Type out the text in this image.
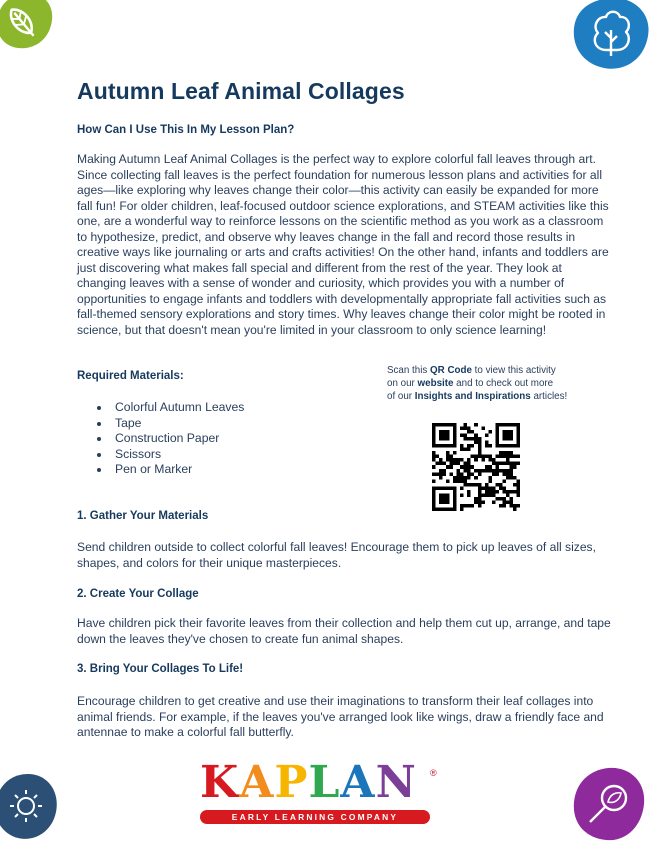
Autumn Leaf Animal Collages
How Can I Use This In My Lesson Plan?

Making Autumn Leaf Animal Collages is the perfect way to explore colorful fall leaves through art. Since collecting fall leaves is the perfect foundation for numerous lesson plans and activities for all ages—like exploring why leaves change their color—this activity can easily be expanded for more fall fun! For older children, leaf-focused outdoor science explorations, and STEAM activities like this one, are a wonderful way to reinforce lessons on the scientific method as you work as a classroom to hypothesize, predict, and observe why leaves change in the fall and record those results in creative ways like journaling or arts and crafts activities! On the other hand, infants and toddlers are just discovering what makes fall special and different from the rest of the year. They look at changing leaves with a sense of wonder and curiosity, which provides you with a number of opportunities to engage infants and toddlers with developmentally appropriate fall activities such as fall-themed sensory explorations and story times. Why leaves change their color might be rooted in science, but that doesn't mean you're limited in your classroom to only science learning!

Required Materials:
Colorful Autumn Leaves
Tape
Construction Paper
Scissors
Pen or Marker
Scan this QR Code to view this activity
on our website and to check out more
of our Insights and Inspirations articles!
1. Gather Your Materials

Send children outside to collect colorful fall leaves! Encourage them to pick up leaves of all sizes, shapes, and colors for their unique masterpieces.

2. Create Your Collage

Have children pick their favorite leaves from their collection and help them cut up, arrange, and tape down the leaves they've chosen to create fun animal shapes.

3. Bring Your Collages To Life!

Encourage children to get creative and use their imaginations to transform their leaf collages into animal friends. For example, if the leaves you've arranged look like wings, draw a friendly face and antennae to make a colorful fall butterfly.

KAPLAN	®
EARLY LEARNING COMPANY
